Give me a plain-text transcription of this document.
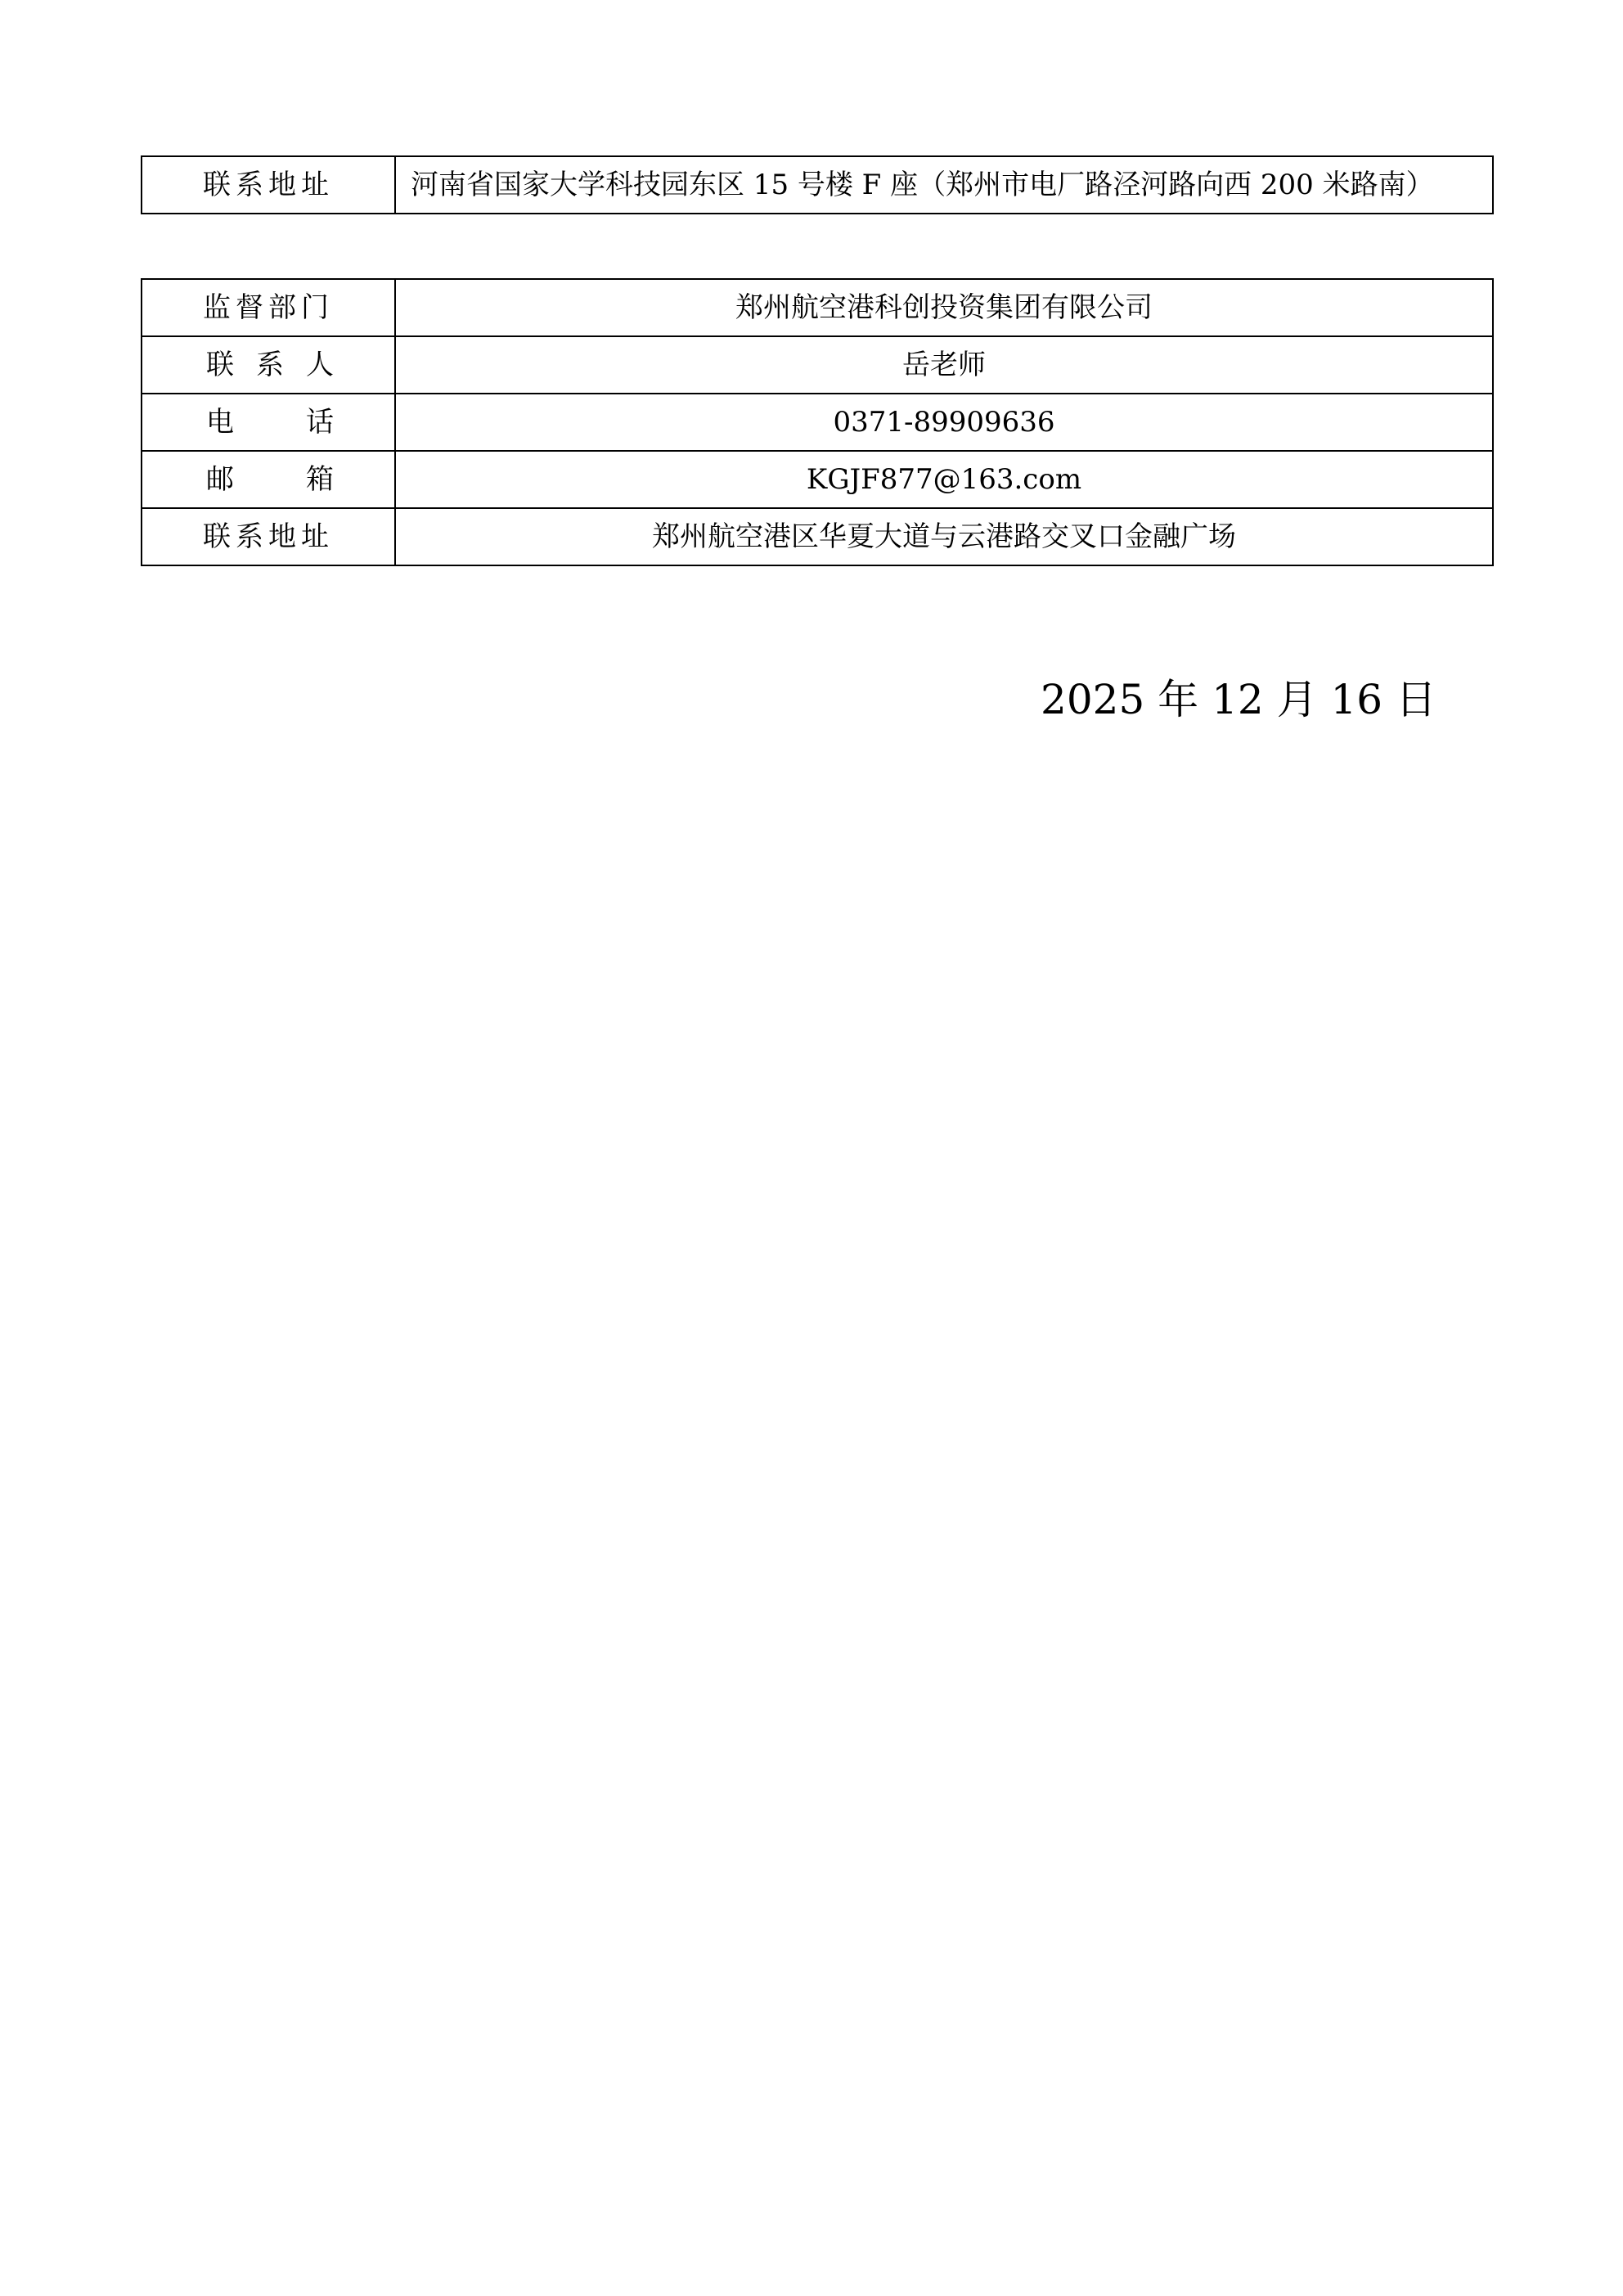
联系地址	河南省国家大学科技园东区 15 号楼 F 座（郑州市电厂路泾河路向西 200 米路南）
监督部门	郑州航空港科创投资集团有限公司
联 系 人	岳老师
电 话	0371-89909636
邮 箱	KGJF877@163.com
联系地址	郑州航空港区华夏大道与云港路交叉口金融广场
2025 年 12 月 16 日
